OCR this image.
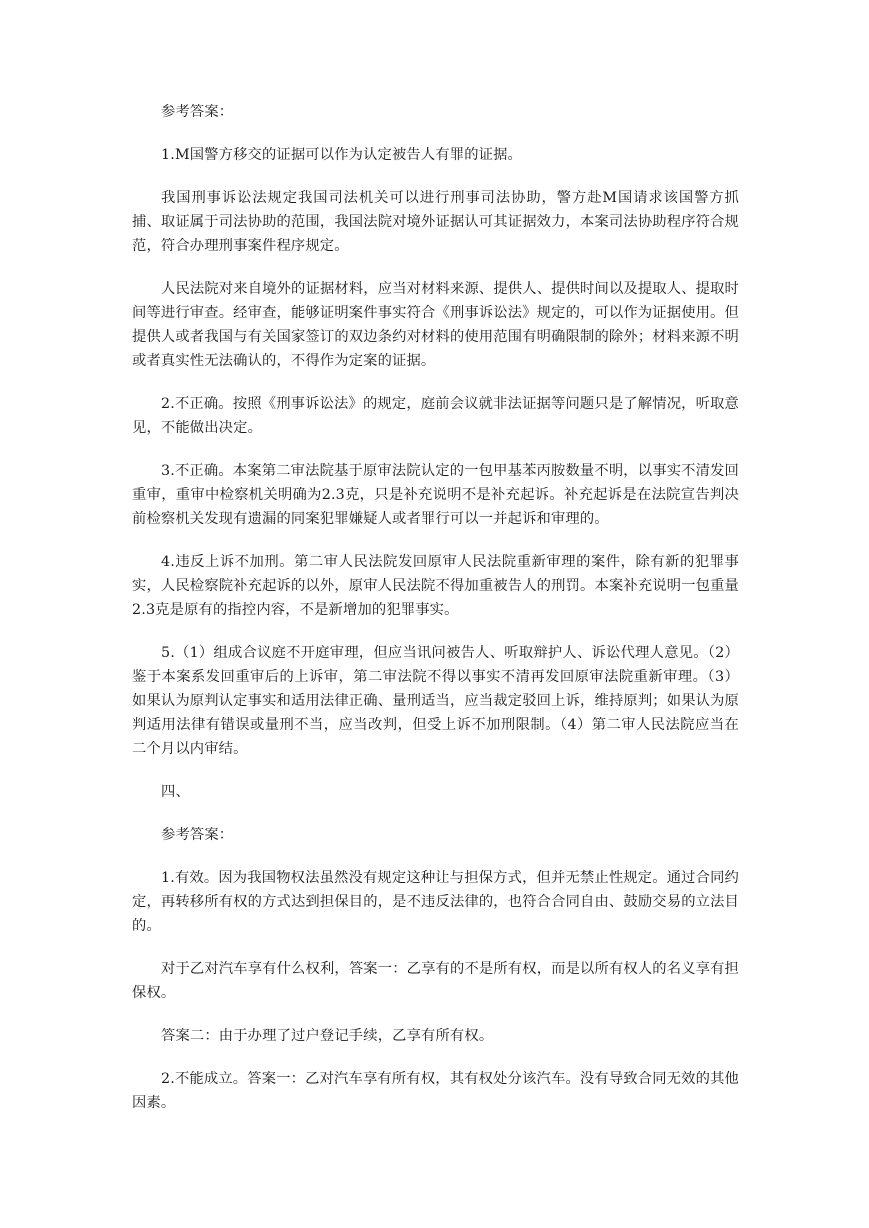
参考答案：

1.M国警方移交的证据可以作为认定被告人有罪的证据。

我国刑事诉讼法规定我国司法机关可以进行刑事司法协助，警方赴M国请求该国警方抓捕、取证属于司法协助的范围，我国法院对境外证据认可其证据效力，本案司法协助程序符合规范，符合办理刑事案件程序规定。

人民法院对来自境外的证据材料，应当对材料来源、提供人、提供时间以及提取人、提取时间等进行审查。经审查，能够证明案件事实符合《刑事诉讼法》规定的，可以作为证据使用。但提供人或者我国与有关国家签订的双边条约对材料的使用范围有明确限制的除外；材料来源不明或者真实性无法确认的，不得作为定案的证据。

2.不正确。按照《刑事诉讼法》的规定，庭前会议就非法证据等问题只是了解情况，听取意见，不能做出决定。

3.不正确。本案第二审法院基于原审法院认定的一包甲基苯丙胺数量不明，以事实不清发回重审，重审中检察机关明确为2.3克，只是补充说明不是补充起诉。补充起诉是在法院宣告判决前检察机关发现有遗漏的同案犯罪嫌疑人或者罪行可以一并起诉和审理的。

4.违反上诉不加刑。第二审人民法院发回原审人民法院重新审理的案件，除有新的犯罪事实，人民检察院补充起诉的以外，原审人民法院不得加重被告人的刑罚。本案补充说明一包重量2.3克是原有的指控内容，不是新增加的犯罪事实。

5.（1）组成合议庭不开庭审理，但应当讯问被告人、听取辩护人、诉讼代理人意见。（2）鉴于本案系发回重审后的上诉审，第二审法院不得以事实不清再发回原审法院重新审理。（3）如果认为原判认定事实和适用法律正确、量刑适当，应当裁定驳回上诉，维持原判；如果认为原判适用法律有错误或量刑不当，应当改判，但受上诉不加刑限制。（4）第二审人民法院应当在二个月以内审结。

四、

参考答案：

1.有效。因为我国物权法虽然没有规定这种让与担保方式，但并无禁止性规定。通过合同约定，再转移所有权的方式达到担保目的，是不违反法律的，也符合合同自由、鼓励交易的立法目的。

对于乙对汽车享有什么权利，答案一：乙享有的不是所有权，而是以所有权人的名义享有担保权。

答案二：由于办理了过户登记手续，乙享有所有权。

2.不能成立。答案一：乙对汽车享有所有权，其有权处分该汽车。没有导致合同无效的其他因素。
